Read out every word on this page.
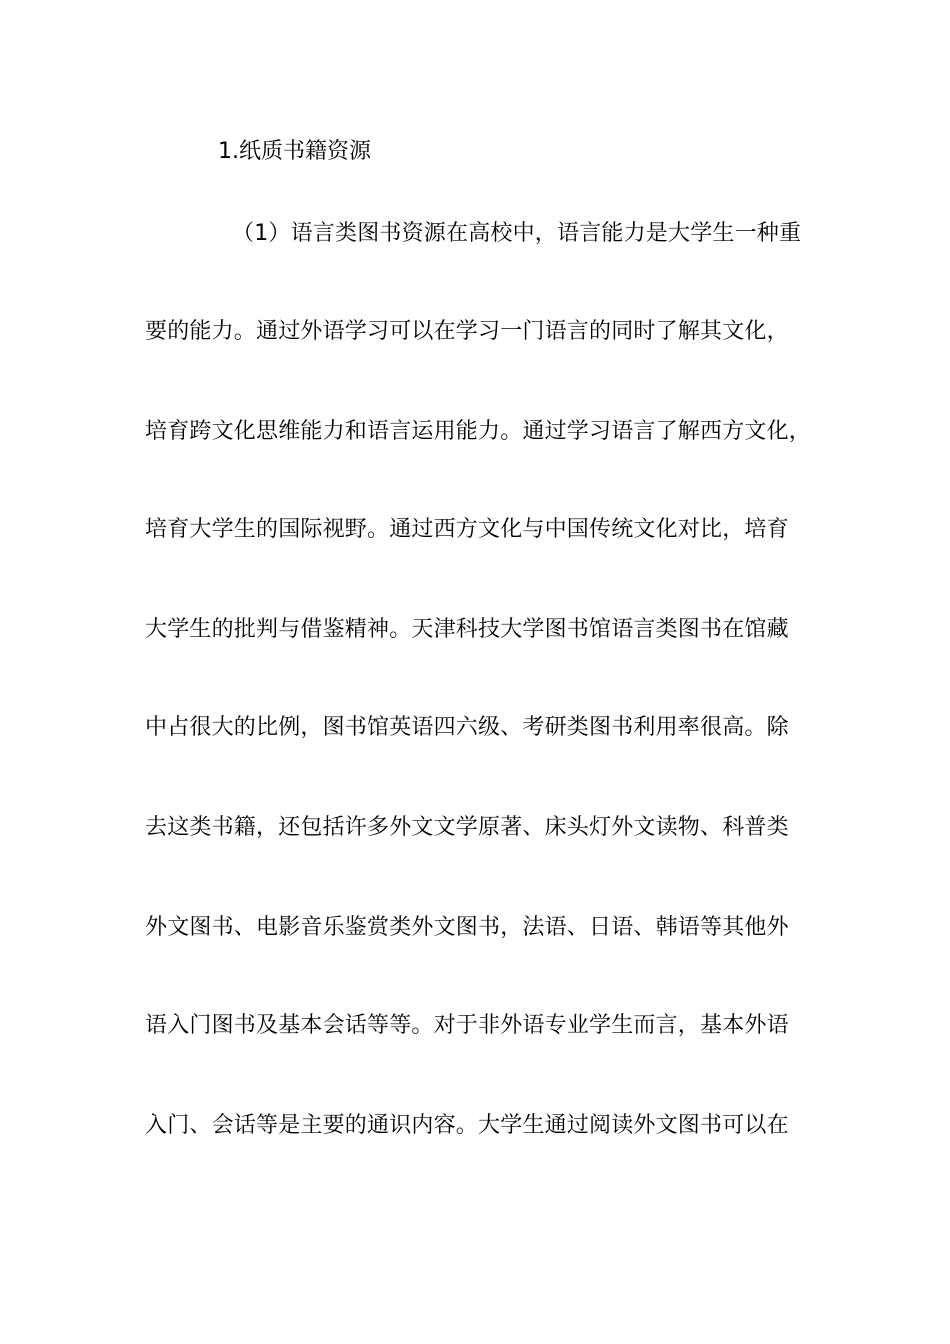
1.纸质书籍资源
（1）语言类图书资源在高校中，语言能力是大学生一种重
要的能力。通过外语学习可以在学习一门语言的同时了解其文化，
培育跨文化思维能力和语言运用能力。通过学习语言了解西方文化，
培育大学生的国际视野。通过西方文化与中国传统文化对比，培育
大学生的批判与借鉴精神。天津科技大学图书馆语言类图书在馆藏
中占很大的比例，图书馆英语四六级、考研类图书利用率很高。除
去这类书籍，还包括许多外文文学原著、床头灯外文读物、科普类
外文图书、电影音乐鉴赏类外文图书，法语、日语、韩语等其他外
语入门图书及基本会话等等。对于非外语专业学生而言，基本外语
入门、会话等是主要的通识内容。大学生通过阅读外文图书可以在
